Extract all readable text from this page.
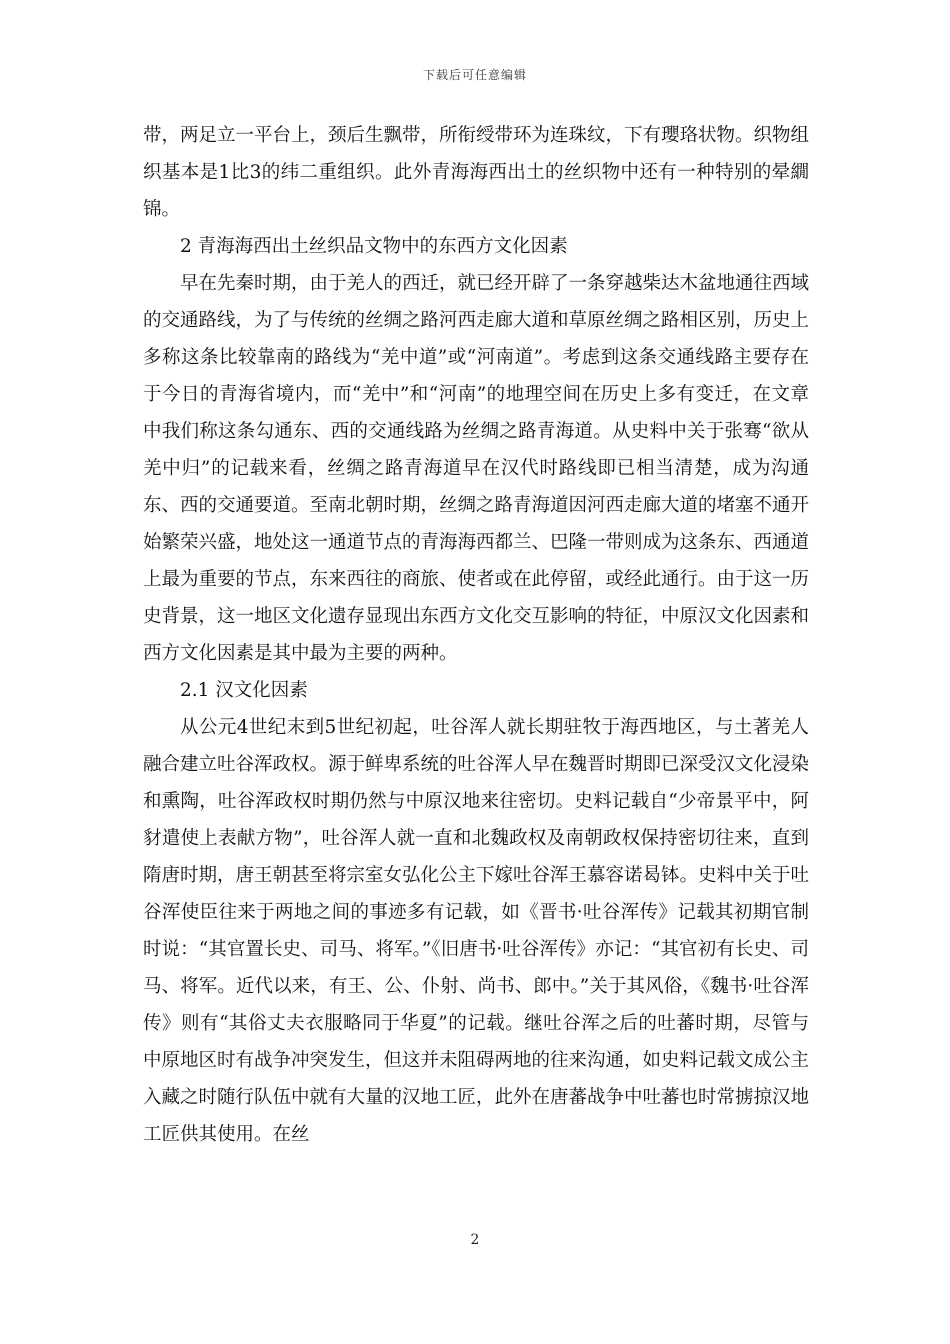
下载后可任意编辑

带，两足立一平台上，颈后生飘带，所衔绶带环为连珠纹，下有瓔珞状物。织物组织基本是1比3的纬二重组织。此外青海海西出土的丝织物中还有一种特别的晕繝锦。

2 青海海西出土丝织品文物中的东西方文化因素

早在先秦时期，由于羌人的西迁，就已经开辟了一条穿越柴达木盆地通往西域的交通路线，为了与传统的丝绸之路河西走廊大道和草原丝绸之路相区别，历史上多称这条比较靠南的路线为“羌中道”或“河南道”。考虑到这条交通线路主要存在于今日的青海省境内，而“羌中”和“河南”的地理空间在历史上多有变迁，在文章中我们称这条勾通东、西的交通线路为丝绸之路青海道。从史料中关于张骞“欲从羌中归”的记载来看，丝绸之路青海道早在汉代时路线即已相当清楚，成为沟通东、西的交通要道。至南北朝时期，丝绸之路青海道因河西走廊大道的堵塞不通开始繁荣兴盛，地处这一通道节点的青海海西都兰、巴隆一带则成为这条东、西通道上最为重要的节点，东来西往的商旅、使者或在此停留，或经此通行。由于这一历史背景，这一地区文化遗存显现出东西方文化交互影响的特征，中原汉文化因素和西方文化因素是其中最为主要的两种。

2.1 汉文化因素

从公元4世纪末到5世纪初起，吐谷浑人就长期驻牧于海西地区，与土著羌人融合建立吐谷浑政权。源于鲜卑系统的吐谷浑人早在魏晋时期即已深受汉文化浸染和熏陶，吐谷浑政权时期仍然与中原汉地来往密切。史料记载自“少帝景平中，阿豺遣使上表献方物”，吐谷浑人就一直和北魏政权及南朝政权保持密切往来，直到隋唐时期，唐王朝甚至将宗室女弘化公主下嫁吐谷浑王慕容诺曷钵。史料中关于吐谷浑使臣往来于两地之间的事迹多有记载，如《晋书·吐谷浑传》记载其初期官制时说：“其官置长史、司马、将军。”《旧唐书·吐谷浑传》亦记：“其官初有长史、司马、将军。近代以来，有王、公、仆射、尚书、郎中。”关于其风俗，《魏书·吐谷浑传》则有“其俗丈夫衣服略同于华夏”的记载。继吐谷浑之后的吐蕃时期，尽管与中原地区时有战争冲突发生，但这并未阻碍两地的往来沟通，如史料记载文成公主入藏之时随行队伍中就有大量的汉地工匠，此外在唐蕃战争中吐蕃也时常掳掠汉地工匠供其使用。在丝

2
